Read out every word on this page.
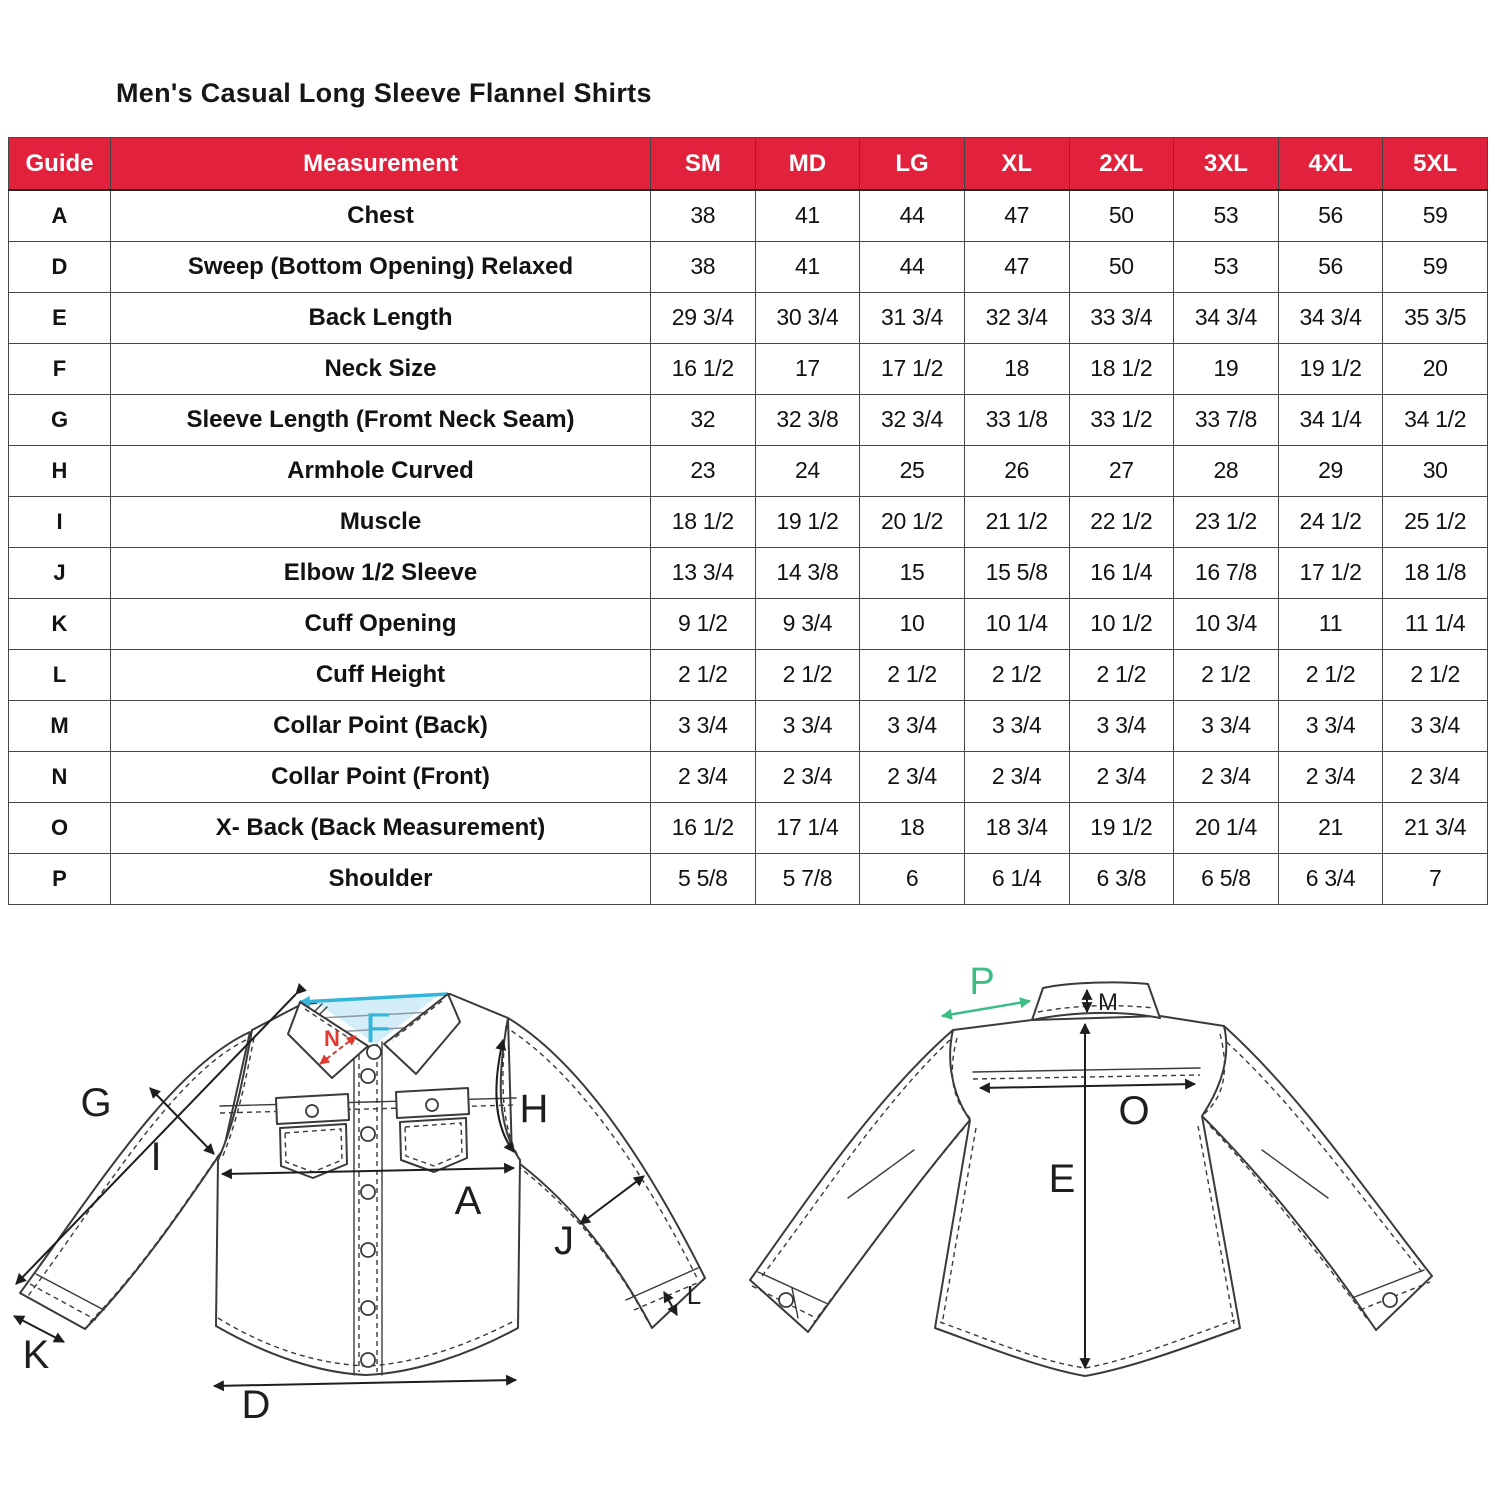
Men's Casual Long Sleeve Flannel Shirts
Guide	Measurement	SM	MD	LG	XL	2XL	3XL	4XL	5XL
A	Chest	38	41	44	47	50	53	56	59
D	Sweep (Bottom Opening) Relaxed	38	41	44	47	50	53	56	59
E	Back Length	29 3/4	30 3/4	31 3/4	32 3/4	33 3/4	34 3/4	34 3/4	35 3/5
F	Neck Size	16 1/2	17	17 1/2	18	18 1/2	19	19 1/2	20
G	Sleeve Length (Fromt Neck Seam)	32	32 3/8	32 3/4	33 1/8	33 1/2	33 7/8	34 1/4	34 1/2
H	Armhole Curved	23	24	25	26	27	28	29	30
I	Muscle	18 1/2	19 1/2	20 1/2	21 1/2	22 1/2	23 1/2	24 1/2	25 1/2
J	Elbow 1/2 Sleeve	13 3/4	14 3/8	15	15 5/8	16 1/4	16 7/8	17 1/2	18 1/8
K	Cuff Opening	9 1/2	9 3/4	10	10 1/4	10 1/2	10 3/4	11	11 1/4
L	Cuff Height	2 1/2	2 1/2	2 1/2	2 1/2	2 1/2	2 1/2	2 1/2	2 1/2
M	Collar Point (Back)	3 3/4	3 3/4	3 3/4	3 3/4	3 3/4	3 3/4	3 3/4	3 3/4
N	Collar Point (Front)	2 3/4	2 3/4	2 3/4	2 3/4	2 3/4	2 3/4	2 3/4	2 3/4
O	X- Back (Back Measurement)	16 1/2	17 1/4	18	18 3/4	19 1/2	20 1/4	21	21 3/4
P	Shoulder	5 5/8	5 7/8	6	6 1/4	6 3/8	6 5/8	6 3/4	7
F
N
G
I
H
A
J
K
L
D
P	M
O
E
